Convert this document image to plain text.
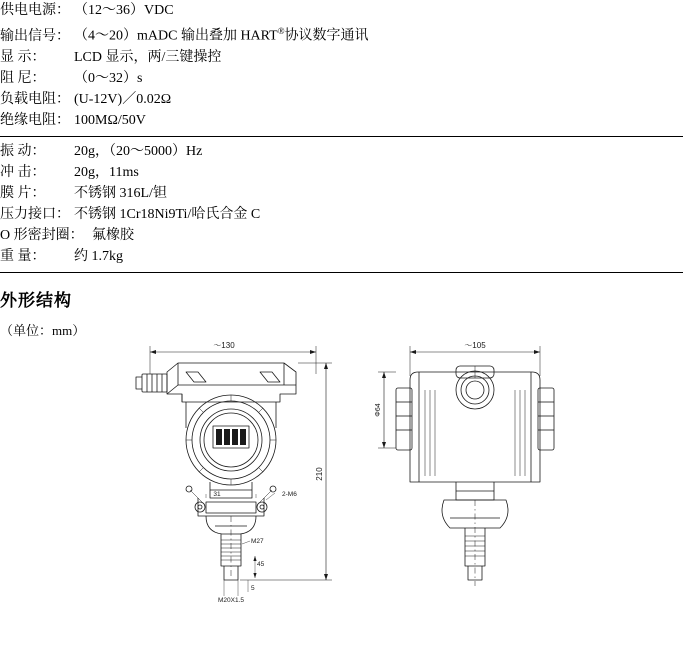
供电电源： （12～36）VDC
输出信号： （4～20）mADC 输出叠加 HART®协议数字通讯
显 示：	LCD 显示，两/三键操控
阻 尼：	（0～32）s
负载电阻： (U-12V)／0.02Ω
绝缘电阻： 100MΩ/50V
振 动：	20g，（20～5000）Hz
冲 击：	20g，11ms
膜 片：	不锈钢 316L/钽
压力接口： 不锈钢 1Cr18Ni9Ti/哈氏合金 C
O 形密封圈： 氟橡胶
重 量：	约 1.7kg
外形结构
（单位：mm）
～130
31	2-M6
M27
45
5
M20X1.5
210
～105
Φ64
